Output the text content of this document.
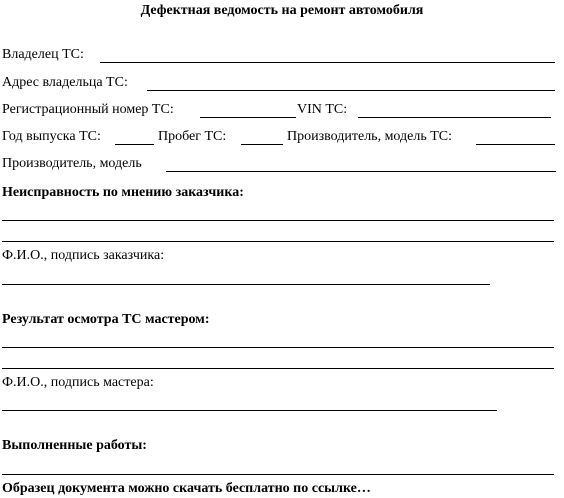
Дефектная ведомость на ремонт автомобиля
Владелец ТС:
Адрес владельца ТС:
Регистрационный номер ТС:	VIN ТС:
Год выпуска ТС:	Пробег ТС:	Производитель, модель ТС:
Производитель, модель
Неисправность по мнению заказчика:
Ф.И.О., подпись заказчика:
Результат осмотра ТС мастером:
Ф.И.О., подпись мастера:
Выполненные работы:
Образец документа можно скачать бесплатно по ссылке…
